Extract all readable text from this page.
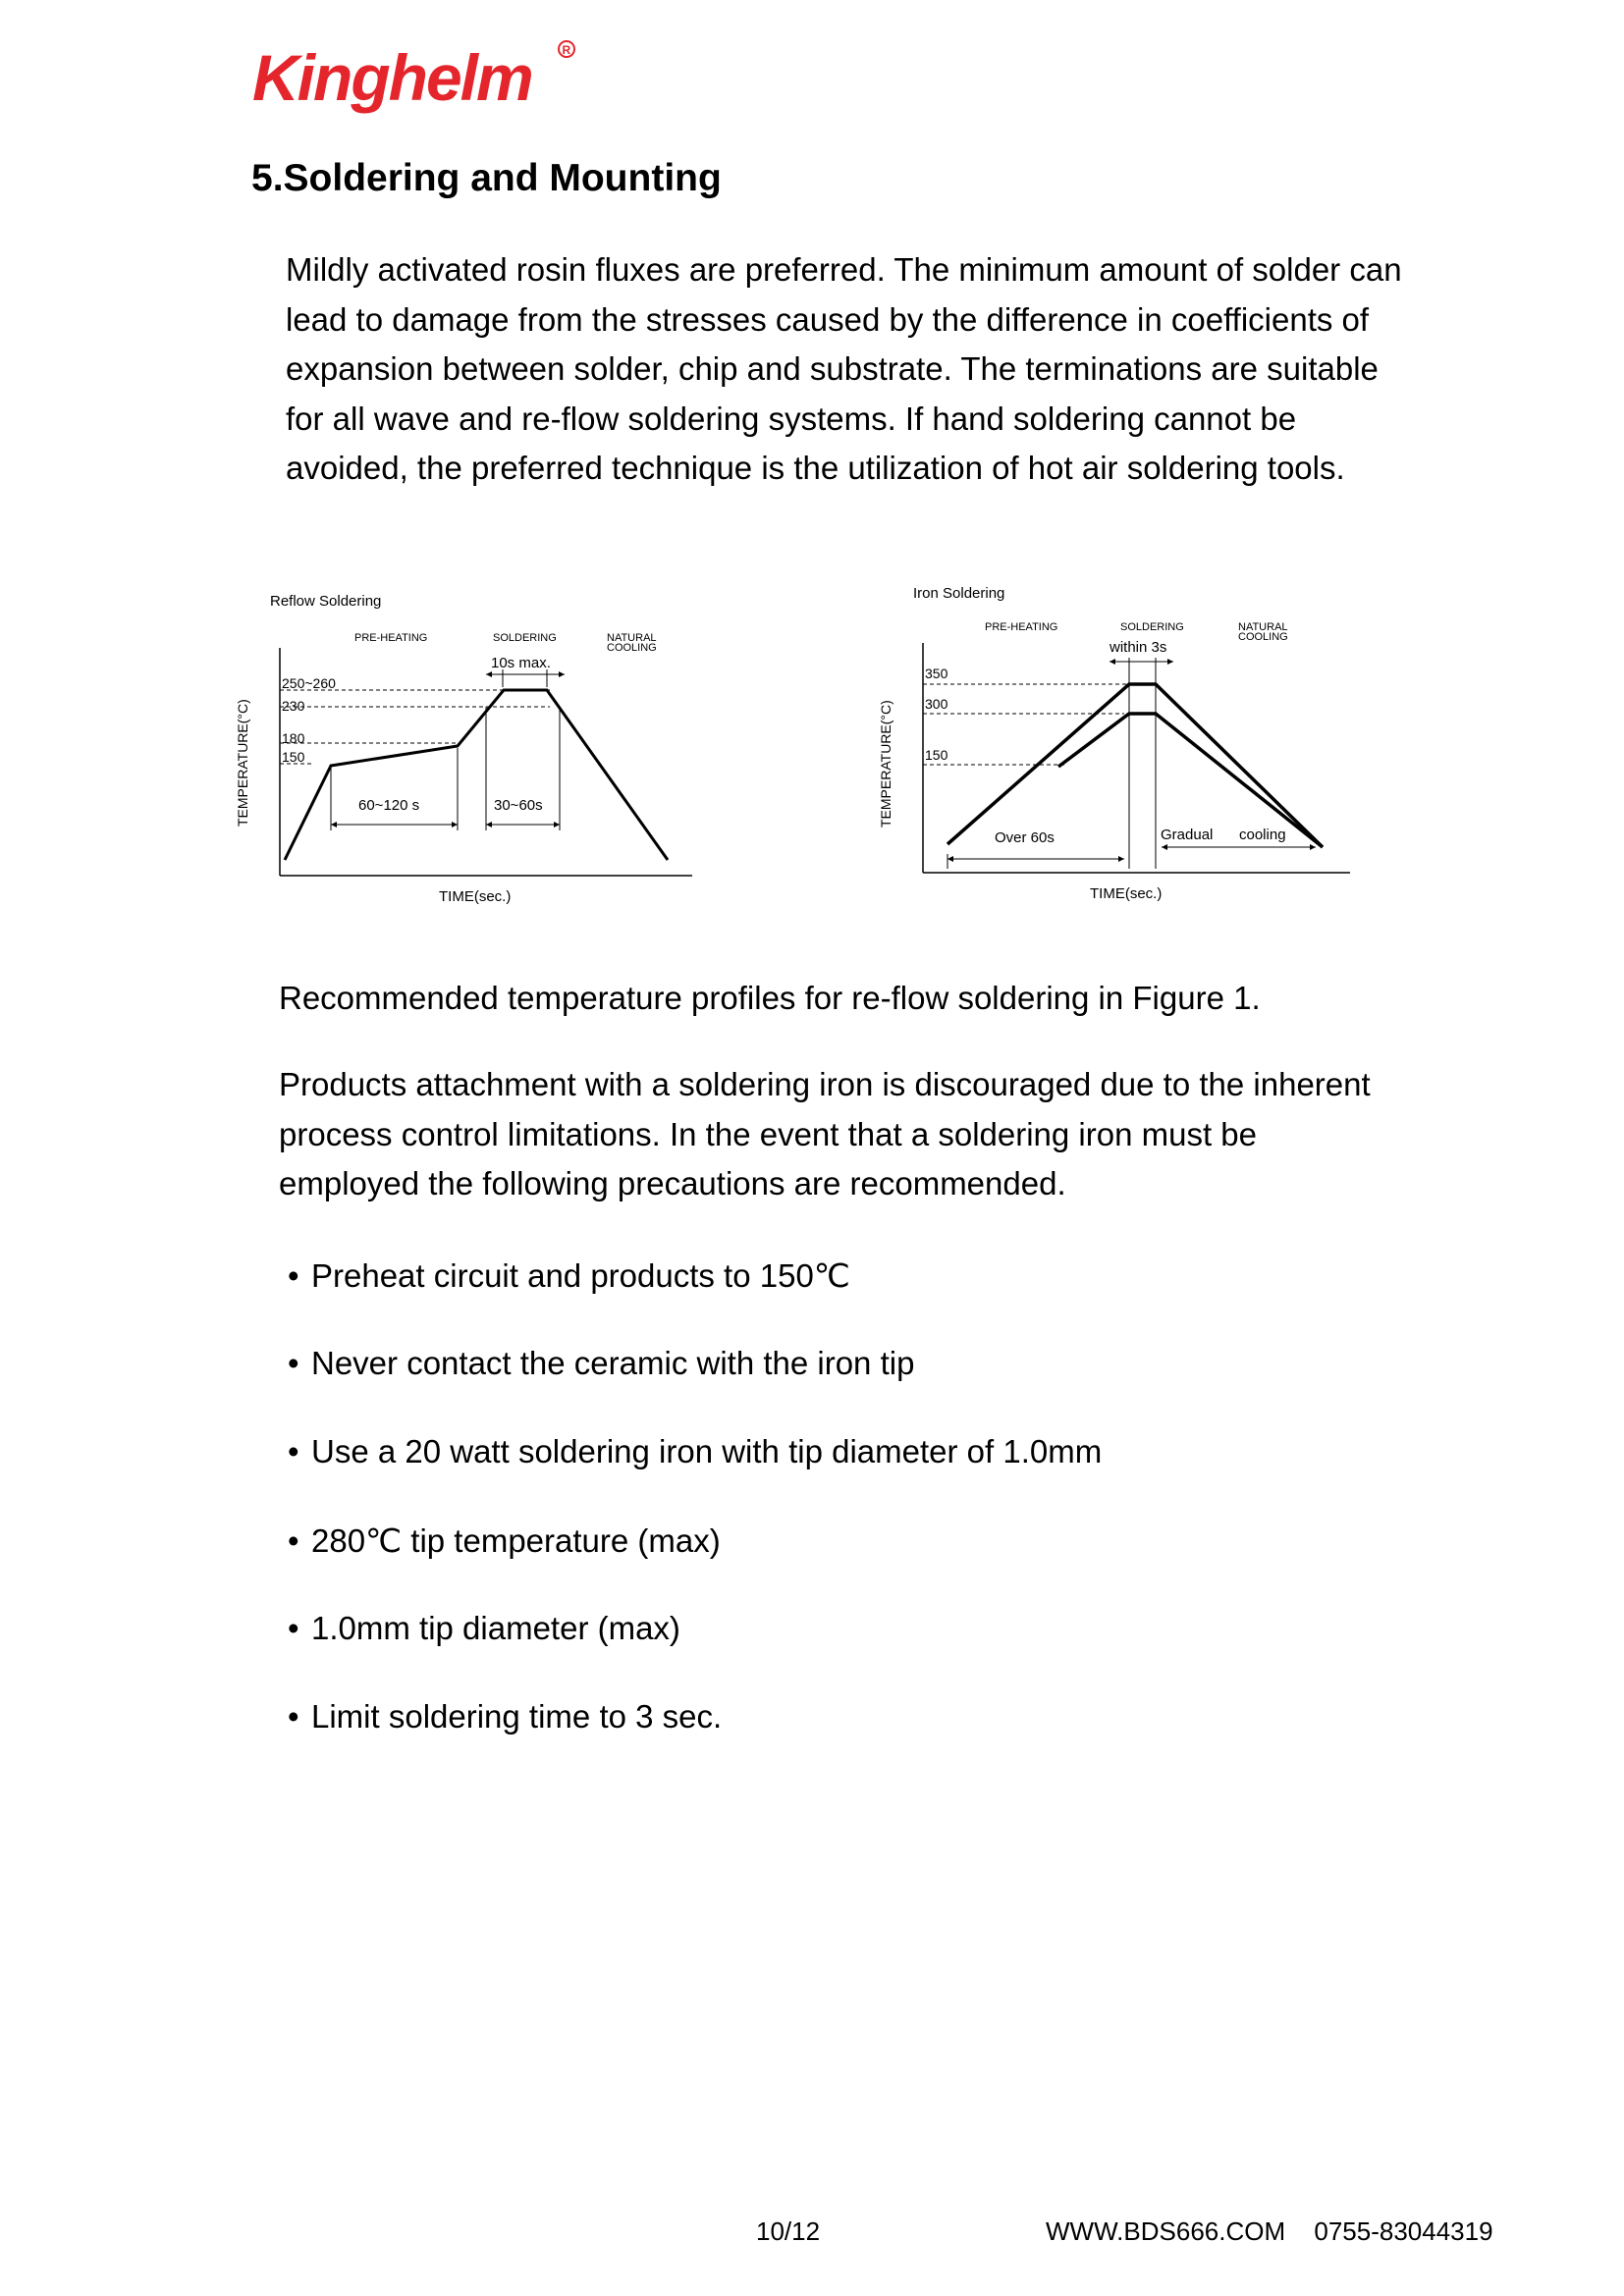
Kinghelm	R
5.Soldering and Mounting
Mildly activated rosin fluxes are preferred. The minimum amount of solder can
lead to damage from the stresses caused by the difference in coefficients of
expansion between solder, chip and substrate. The terminations are suitable
for all wave and re-flow soldering systems. If hand soldering cannot be
avoided, the preferred technique is the utilization of hot air soldering tools.
Reflow Soldering
PRE-HEATING	SOLDERING	NATURAL COOLING
TEMPERATURE(°C)
TIME(sec.)
250~260
230
180
150
10s max.
60~120 s	30~60s
Iron Soldering
PRE-HEATING	SOLDERING	NATURAL COOLING
TEMPERATURE(°C)
TIME(sec.)
350
300
150
within 3s
Over 60s	Gradual cooling
Recommended temperature profiles for re-flow soldering in Figure 1.
Products attachment with a soldering iron is discouraged due to the inherent
process control limitations. In the event that a soldering iron must be
employed the following precautions are recommended.
• Preheat circuit and products to 150℃
• Never contact the ceramic with the iron tip
• Use a 20 watt soldering iron with tip diameter of 1.0mm
• 280℃ tip temperature (max)
• 1.0mm tip diameter (max)
• Limit soldering time to 3 sec.
10/12	WWW.BDS666.COM 0755-83044319
